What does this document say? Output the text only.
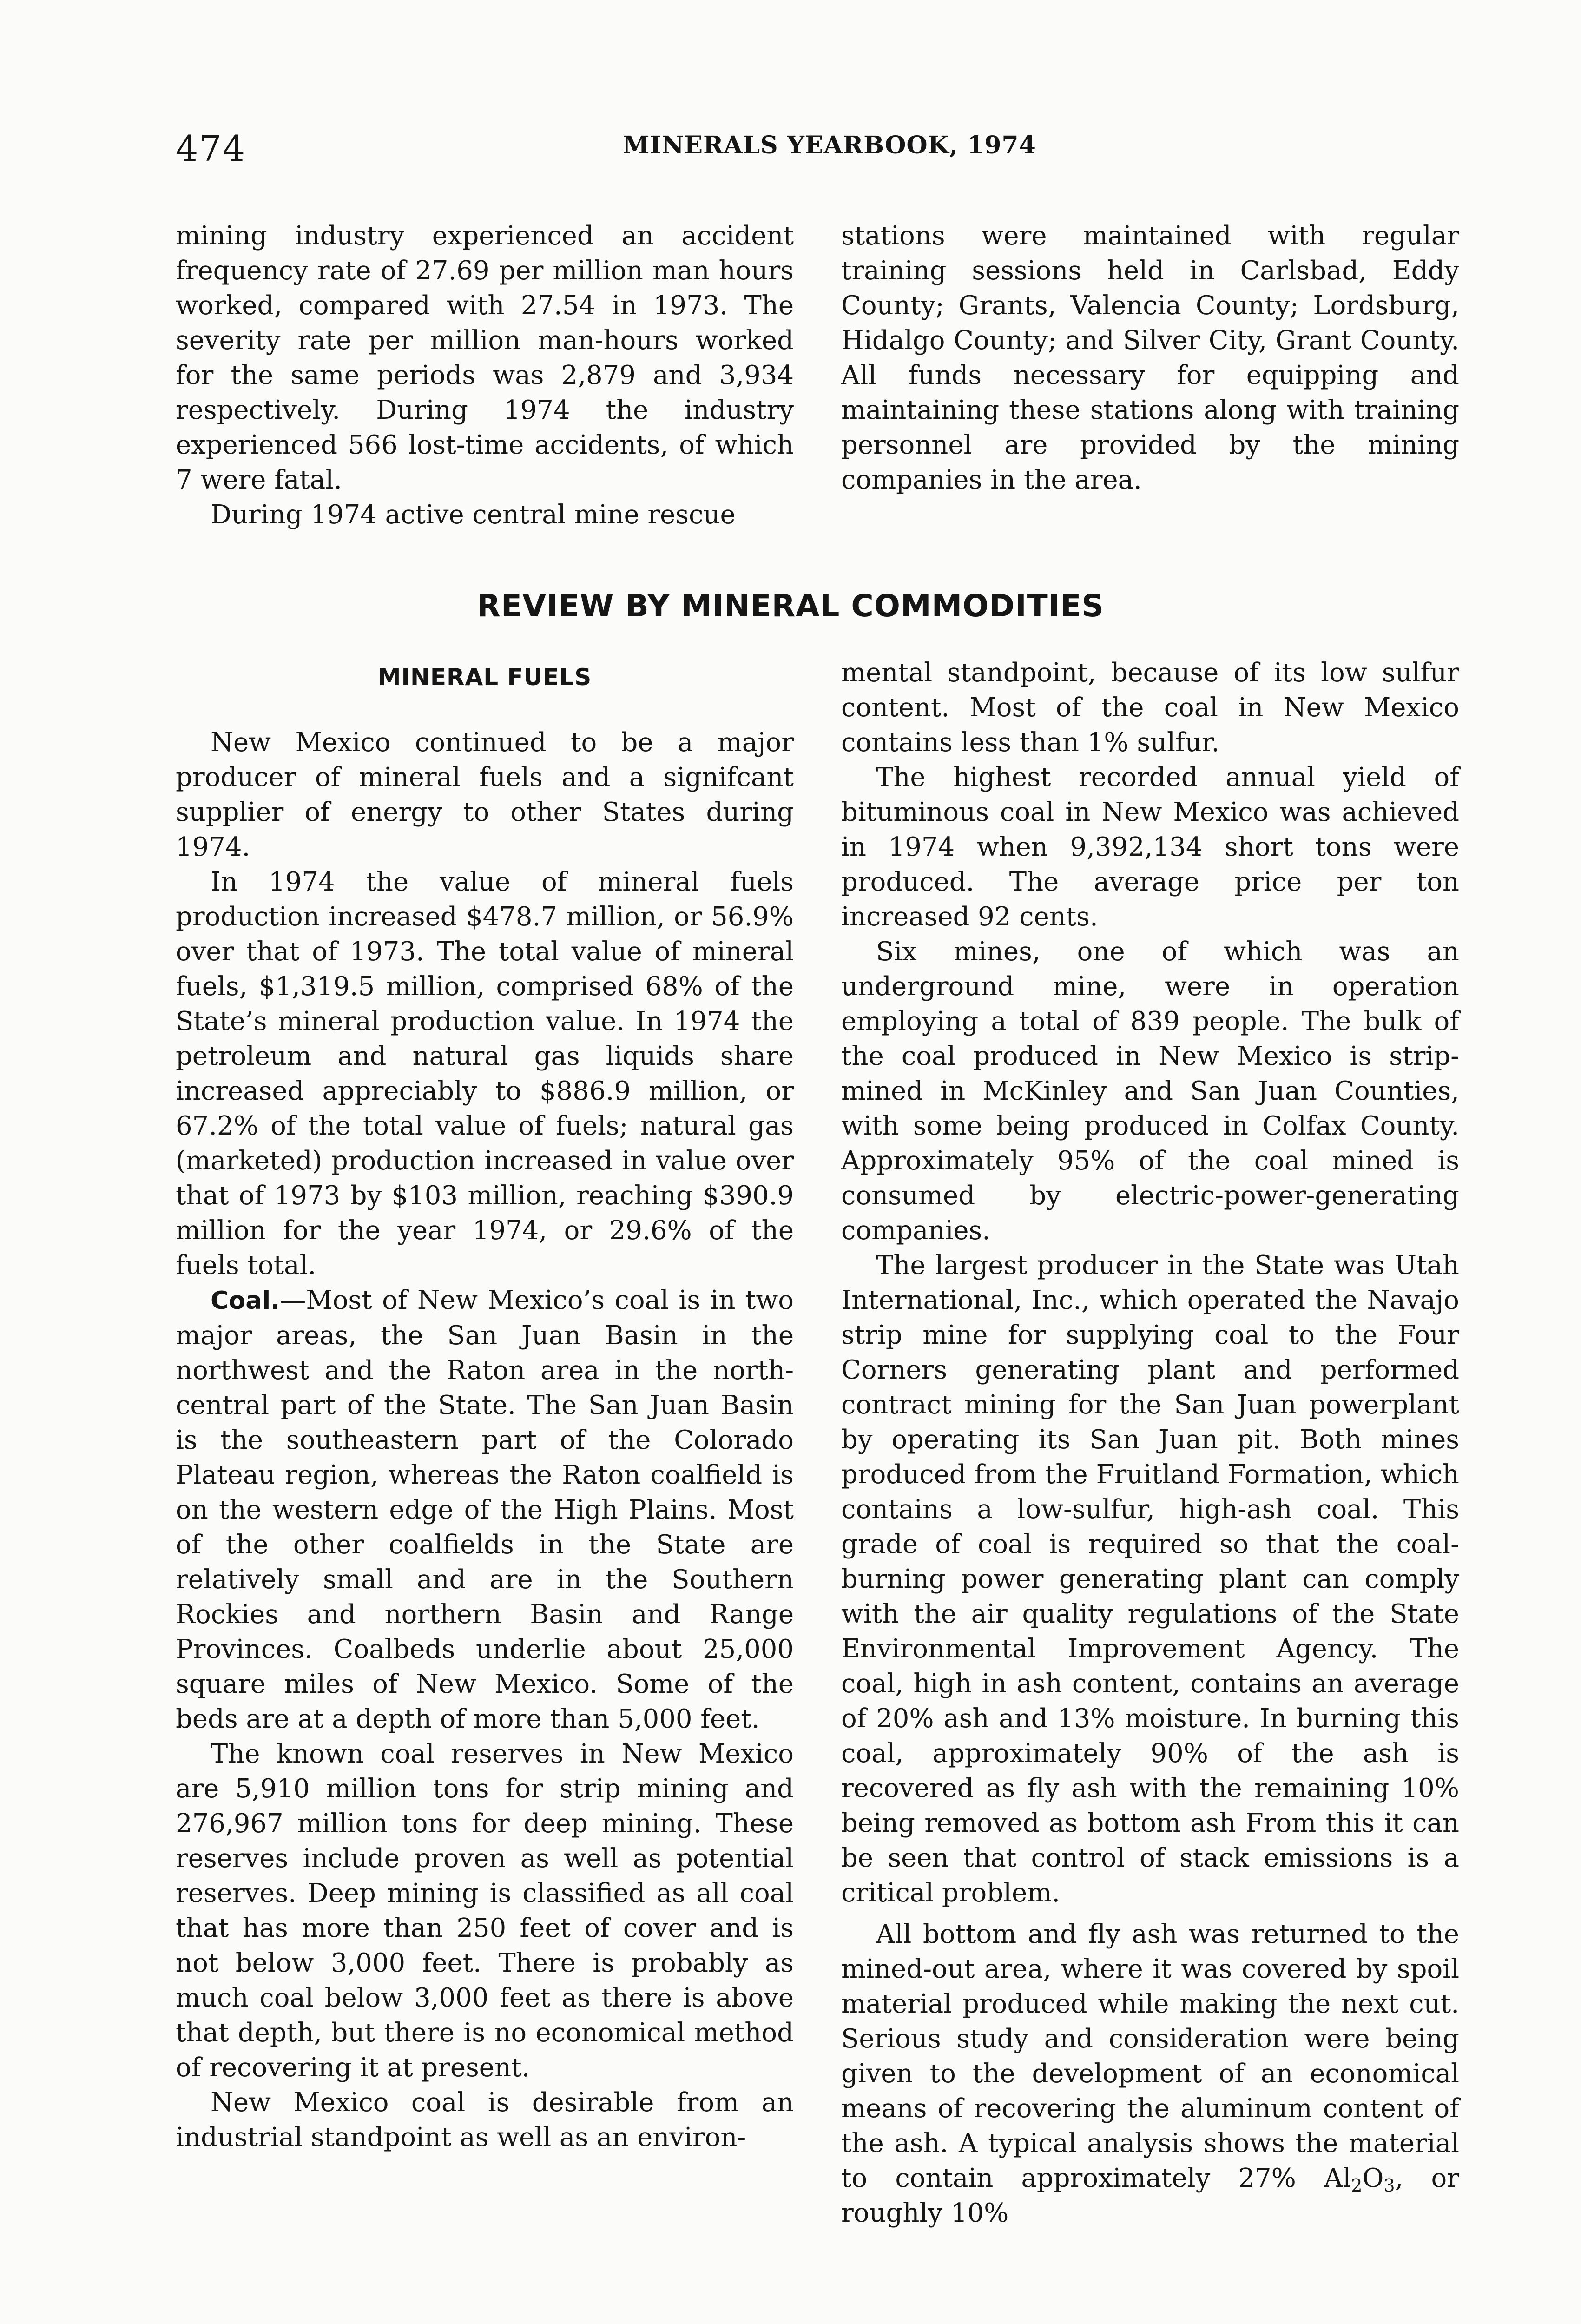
474	MINERALS YEARBOOK, 1974

mining industry experienced an accident frequency rate of 27.69 per million man hours worked, compared with 27.54 in 1973. The severity rate per million man-hours worked for the same periods was 2,879 and 3,934 respectively. During 1974 the industry experienced 566 lost-time accidents, of which 7 were fatal.

During 1974 active central mine rescue

stations were maintained with regular training sessions held in Carlsbad, Eddy County; Grants, Valencia County; Lordsburg, Hidalgo County; and Silver City, Grant County. All funds necessary for equipping and maintaining these stations along with training personnel are provided by the mining companies in the area.

REVIEW BY MINERAL COMMODITIES
MINERAL FUELS

New Mexico continued to be a major producer of mineral fuels and a signifcant supplier of energy to other States during 1974.

In 1974 the value of mineral fuels production increased $478.7 million, or 56.9% over that of 1973. The total value of mineral fuels, $1,319.5 million, comprised 68% of the State’s mineral production value. In 1974 the petroleum and natural gas liquids share increased appreciably to $886.9 million, or 67.2% of the total value of fuels; natural gas (marketed) production increased in value over that of 1973 by $103 million, reaching $390.9 million for the year 1974, or 29.6% of the fuels total.

Coal.—Most of New Mexico’s coal is in two major areas, the San Juan Basin in the northwest and the Raton area in the north-central part of the State. The San Juan Basin is the southeastern part of the Colorado Plateau region, whereas the Raton coalfield is on the western edge of the High Plains. Most of the other coalfields in the State are relatively small and are in the Southern Rockies and northern Basin and Range Provinces. Coalbeds underlie about 25,000 square miles of New Mexico. Some of the beds are at a depth of more than 5,000 feet.

The known coal reserves in New Mexico are 5,910 million tons for strip mining and 276,967 million tons for deep mining. These reserves include proven as well as potential reserves. Deep mining is classified as all coal that has more than 250 feet of cover and is not below 3,000 feet. There is probably as much coal below 3,000 feet as there is above that depth, but there is no economical method of recovering it at present.

New Mexico coal is desirable from an industrial standpoint as well as an environ-

mental standpoint, because of its low sulfur content. Most of the coal in New Mexico contains less than 1% sulfur.

The highest recorded annual yield of bituminous coal in New Mexico was achieved in 1974 when 9,392,134 short tons were produced. The average price per ton increased 92 cents.

Six mines, one of which was an underground mine, were in operation employing a total of 839 people. The bulk of the coal produced in New Mexico is strip-mined in McKinley and San Juan Counties, with some being produced in Colfax County. Approximately 95% of the coal mined is consumed by electric-power-generating companies.

The largest producer in the State was Utah International, Inc., which operated the Navajo strip mine for supplying coal to the Four Corners generating plant and performed contract mining for the San Juan powerplant by operating its San Juan pit. Both mines produced from the Fruitland Formation, which contains a low-sulfur, high-ash coal. This grade of coal is required so that the coal-burning power generating plant can comply with the air quality regulations of the State Environmental Improvement Agency. The coal, high in ash content, contains an average of 20% ash and 13% moisture. In burning this coal, approximately 90% of the ash is recovered as fly ash with the remaining 10% being removed as bottom ash From this it can be seen that control of stack emissions is a critical problem.

All bottom and fly ash was returned to the mined-out area, where it was covered by spoil material produced while making the next cut. Serious study and consideration were being given to the development of an economical means of recovering the aluminum content of the ash. A typical analysis shows the material to contain approximately 27% $Al_2O_3$, or roughly 10%
